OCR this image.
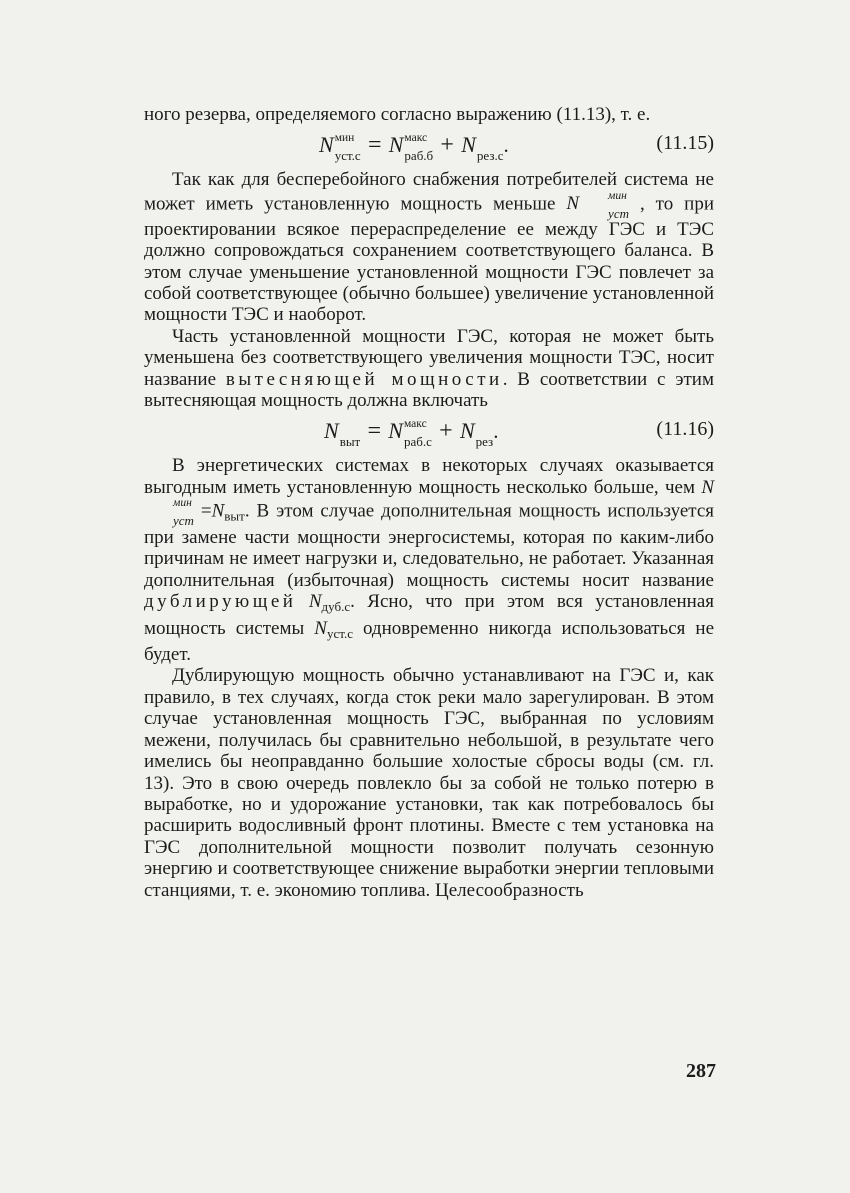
ного резерва, определяемого согласно выражению (11.13), т. е.

N мин
уст.с = N макс
раб.б + N
рез.с .	(11.15)

Так как для бесперебойного снабжения потребителей система не может иметь установленную мощность меньше N	мин
уст , то при проектировании всякое перераспределение ее между ГЭС и ТЭС должно сопровождаться сохранением соответствующего баланса. В этом случае уменьшение установленной мощности ГЭС повлечет за собой соответствующее (обычно большее) увеличение установленной мощности ТЭС и наоборот.

Часть установленной мощности ГЭС, которая не может быть уменьшена без соответствующего увеличения мощности ТЭС, носит название вытесняющей мощности. В соответствии с этим вытесняющая мощность должна включать

N
выт = N макс
раб.с + N
рез .	(11.16)

В энергетических системах в некоторых случаях оказывается выгодным иметь установленную мощность несколько больше, чем N
мин
уст $=N_{выт}$. В этом случае дополнительная мощность используется при замене части мощности энергосистемы, которая по каким-либо причинам не имеет нагрузки и, следовательно, не работает. Указанная дополнительная (избыточная) мощность системы носит название дублирующей $N_{дуб.с}$. Ясно, что при этом вся установленная мощность системы $N_{уст.с}$ одновременно никогда использоваться не будет.

Дублирующую мощность обычно устанавливают на ГЭС и, как правило, в тех случаях, когда сток реки мало зарегулирован. В этом случае установленная мощность ГЭС, выбранная по условиям межени, получилась бы сравнительно небольшой, в результате чего имелись бы неоправданно большие холостые сбросы воды (см. гл. 13). Это в свою очередь повлекло бы за собой не только потерю в выработке, но и удорожание установки, так как потребовалось бы расширить водосливный фронт плотины. Вместе с тем установка на ГЭС дополнительной мощности позволит получать сезонную энергию и соответствующее снижение выработки энергии тепловыми станциями, т. е. экономию топлива. Целесообразность

287
